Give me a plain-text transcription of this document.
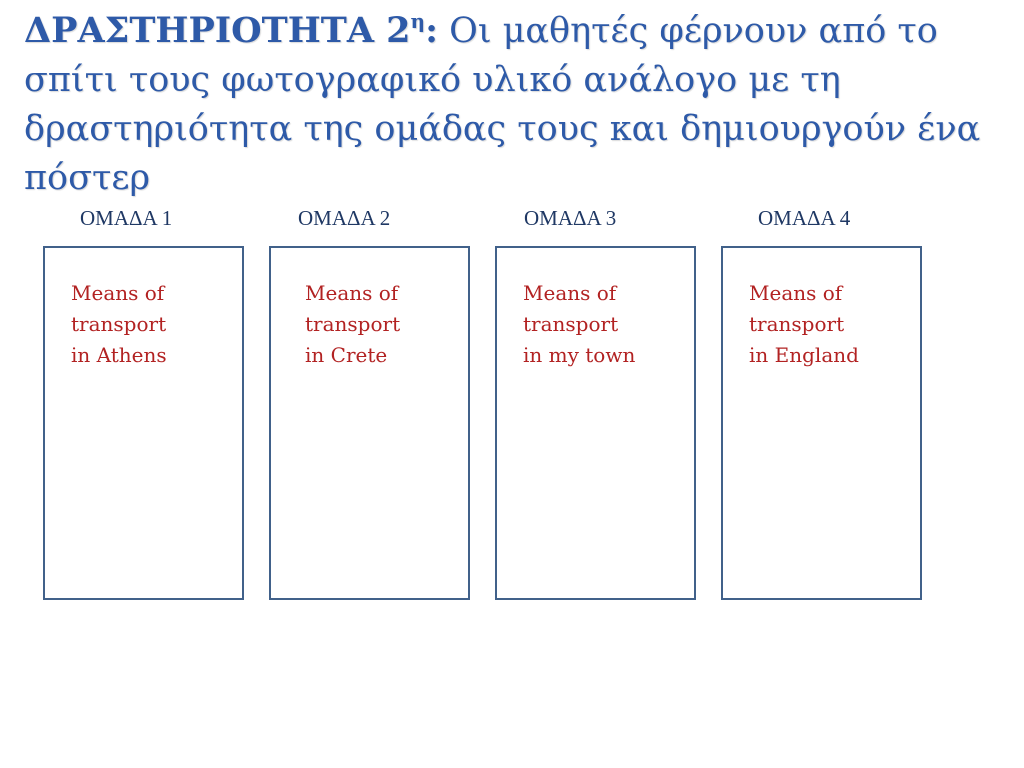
ΔΡΑΣΤΗΡΙΟΤΗΤΑ $2^\eta$: Οι μαθητές φέρνουν από το σπίτι τους φωτογραφικό υλικό ανάλογο με τη δραστηριότητα της ομάδας τους και δημιουργούν ένα πόστερ
ΟΜΑΔΑ 1

Means of
transport
in Athens

ΟΜΑΔΑ 2

Means of
transport
in Crete

ΟΜΑΔΑ 3

Means of
transport
in my town

ΟΜΑΔΑ 4

Means of
transport
in England
